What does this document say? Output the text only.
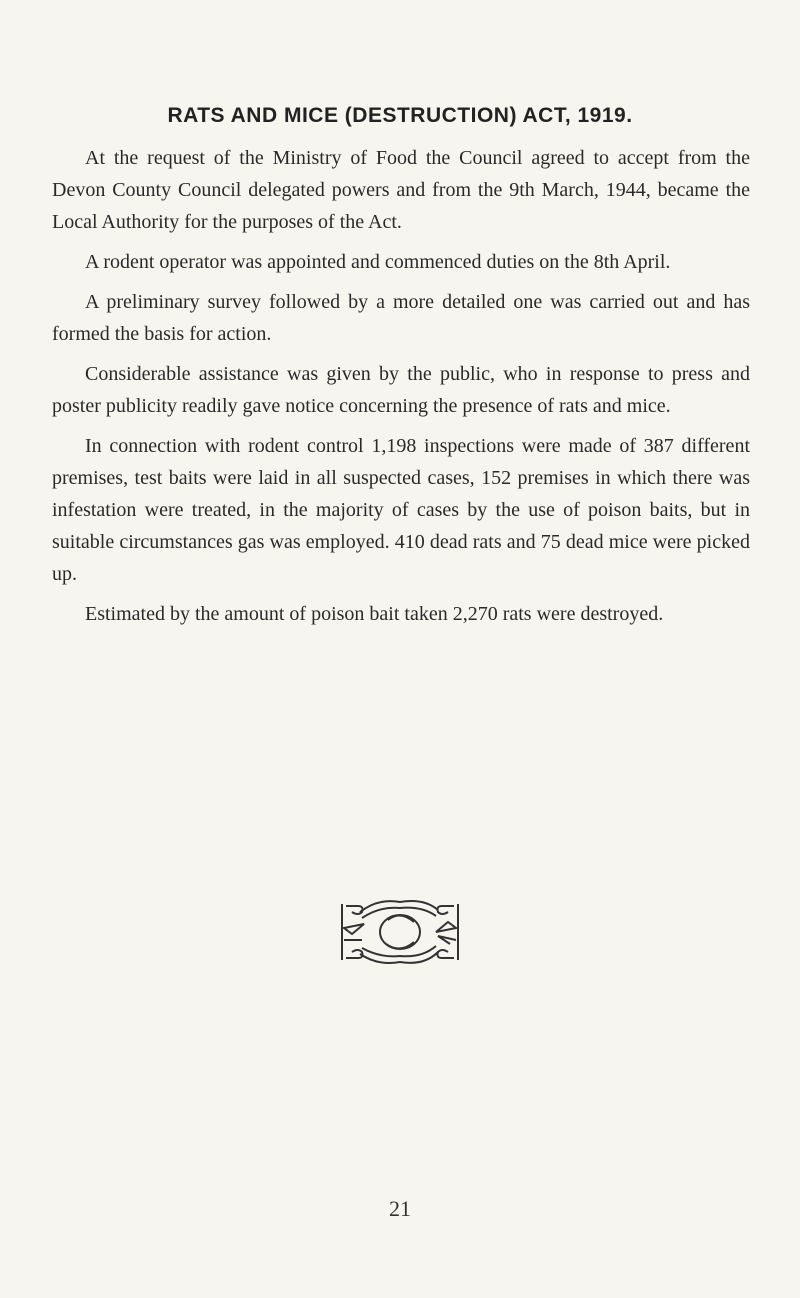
RATS AND MICE (DESTRUCTION) ACT, 1919.

At the request of the Ministry of Food the Council agreed to accept from the Devon County Council delegated powers and from the 9th March, 1944, became the Local Authority for the purposes of the Act.

A rodent operator was appointed and commenced duties on the 8th April.

A preliminary survey followed by a more detailed one was carried out and has formed the basis for action.

Considerable assistance was given by the public, who in response to press and poster publicity readily gave notice concerning the presence of rats and mice.

In connection with rodent control 1,198 inspections were made of 387 different premises, test baits were laid in all suspected cases, 152 premises in which there was infestation were treated, in the majority of cases by the use of poison baits, but in suitable circumstances gas was employed. 410 dead rats and 75 dead mice were picked up.

Estimated by the amount of poison bait taken 2,270 rats were destroyed.

21
